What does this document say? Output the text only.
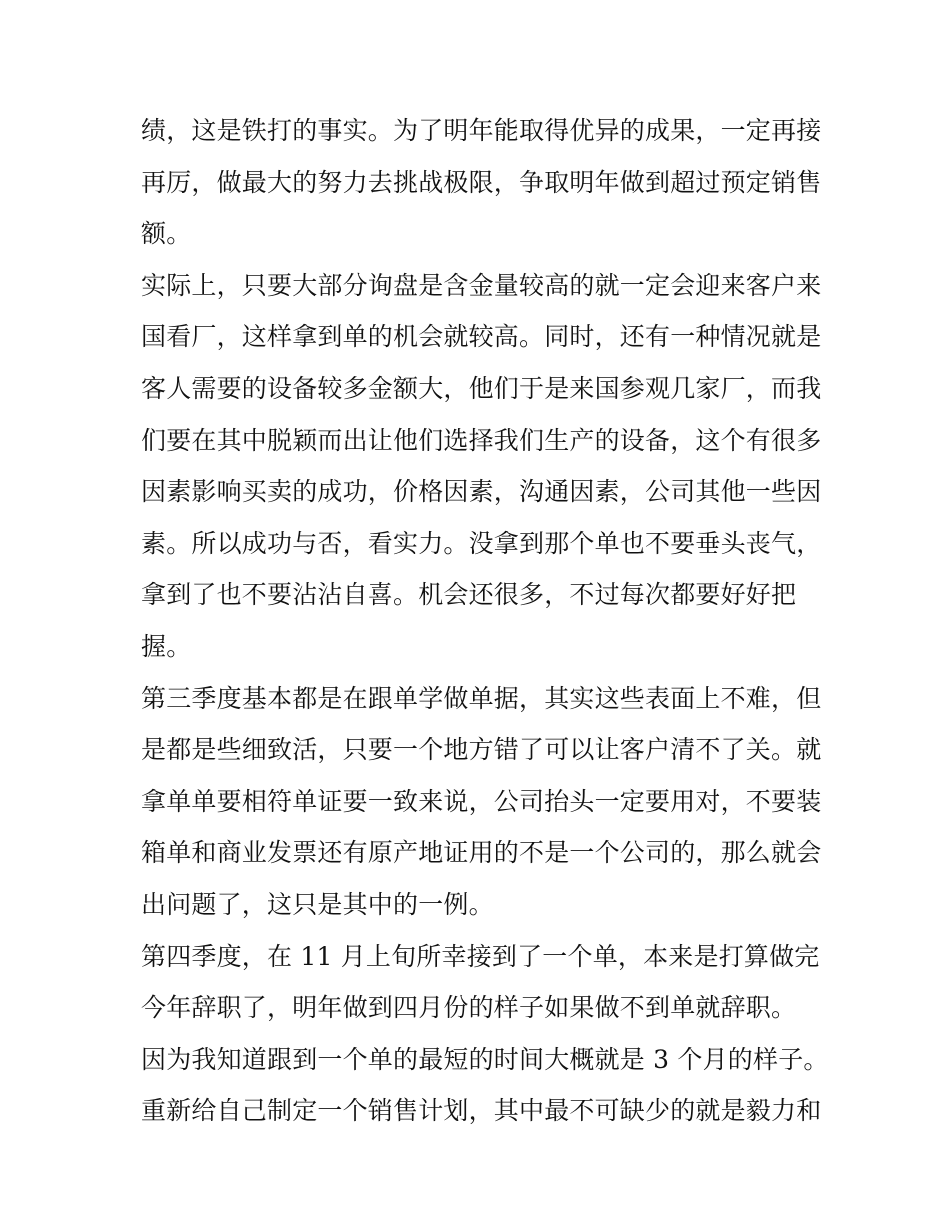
绩，这是铁打的事实。为了明年能取得优异的成果，一定再接
再厉，做最大的努力去挑战极限，争取明年做到超过预定销售
额。
实际上，只要大部分询盘是含金量较高的就一定会迎来客户来
国看厂，这样拿到单的机会就较高。同时，还有一种情况就是
客人需要的设备较多金额大，他们于是来国参观几家厂，而我
们要在其中脱颖而出让他们选择我们生产的设备，这个有很多
因素影响买卖的成功，价格因素，沟通因素，公司其他一些因
素。所以成功与否，看实力。没拿到那个单也不要垂头丧气，
拿到了也不要沾沾自喜。机会还很多，不过每次都要好好把
握。
第三季度基本都是在跟单学做单据，其实这些表面上不难，但
是都是些细致活，只要一个地方错了可以让客户清不了关。就
拿单单要相符单证要一致来说，公司抬头一定要用对，不要装
箱单和商业发票还有原产地证用的不是一个公司的，那么就会
出问题了，这只是其中的一例。
第四季度，在 11 月上旬所幸接到了一个单，本来是打算做完
今年辞职了，明年做到四月份的样子如果做不到单就辞职。
因为我知道跟到一个单的最短的时间大概就是 3 个月的样子。
重新给自己制定一个销售计划，其中最不可缺少的就是毅力和
